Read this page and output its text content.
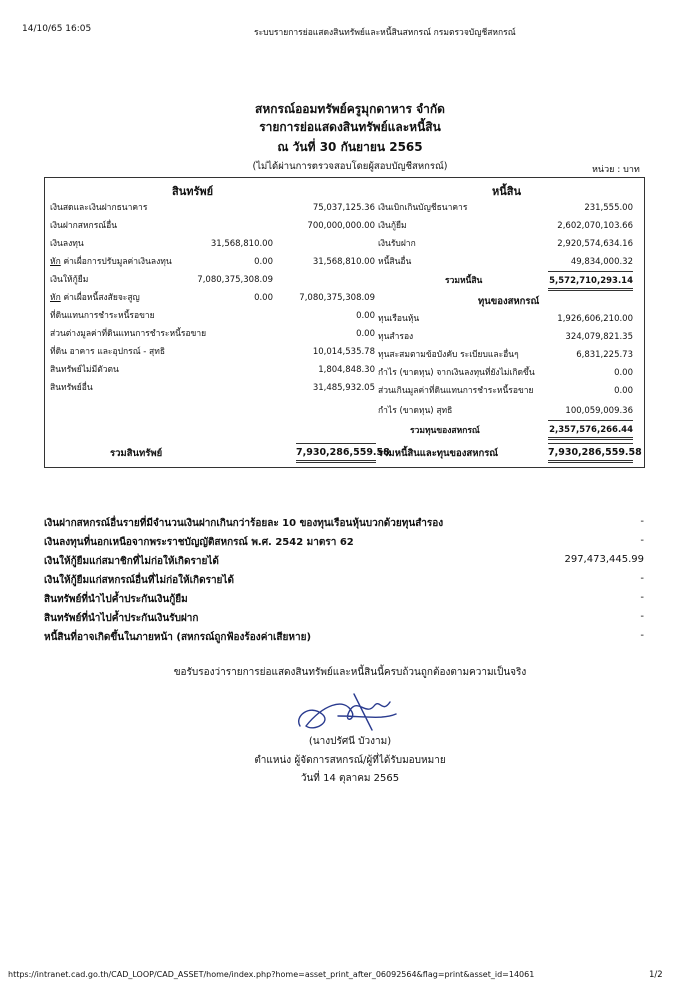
14/10/65 16:05	ระบบรายการย่อแสดงสินทรัพย์และหนี้สินสหกรณ์ กรมตรวจบัญชีสหกรณ์
สหกรณ์ออมทรัพย์ครูมุกดาหาร จำกัด
รายการย่อแสดงสินทรัพย์และหนี้สิน
ณ วันที่ 30 กันยายน 2565
(ไม่ได้ผ่านการตรวจสอบโดยผู้สอบบัญชีสหกรณ์)	หน่วย : บาท
สินทรัพย์	หนี้สิน
เงินสดและเงินฝากธนาคาร	75,037,125.36
เงินฝากสหกรณ์อื่น	700,000,000.00
เงินลงทุน	31,568,810.00
หัก ค่าเผื่อการปรับมูลค่าเงินลงทุน	0.00	31,568,810.00
เงินให้กู้ยืม	7,080,375,308.09
หัก ค่าเผื่อหนี้สงสัยจะสูญ	0.00	7,080,375,308.09
ที่ดินแทนการชำระหนี้รอขาย	0.00
ส่วนต่างมูลค่าที่ดินแทนการชำระหนี้รอขาย	0.00
ที่ดิน อาคาร และอุปกรณ์ - สุทธิ	10,014,535.78
สินทรัพย์ไม่มีตัวตน	1,804,848.30
สินทรัพย์อื่น	31,485,932.05
รวมสินทรัพย์	7,930,286,559.58
เงินเบิกเกินบัญชีธนาคาร	231,555.00
เงินกู้ยืม	2,602,070,103.66
เงินรับฝาก	2,920,574,634.16
หนี้สินอื่น	49,834,000.32
รวมหนี้สิน	5,572,710,293.14
ทุนของสหกรณ์
ทุนเรือนหุ้น	1,926,606,210.00
ทุนสำรอง	324,079,821.35
ทุนสะสมตามข้อบังคับ ระเบียบและอื่นๆ	6,831,225.73
กำไร (ขาดทุน) จากเงินลงทุนที่ยังไม่เกิดขึ้น	0.00
ส่วนเกินมูลค่าที่ดินแทนการชำระหนี้รอขาย	0.00
กำไร (ขาดทุน) สุทธิ	100,059,009.36
รวมทุนของสหกรณ์	2,357,576,266.44
รวมหนี้สินและทุนของสหกรณ์	7,930,286,559.58
เงินฝากสหกรณ์อื่นรายที่มีจำนวนเงินฝากเกินกว่าร้อยละ 10 ของทุนเรือนหุ้นบวกด้วยทุนสำรอง	-
เงินลงทุนที่นอกเหนือจากพระราชบัญญัติสหกรณ์ พ.ศ. 2542 มาตรา 62	-
เงินให้กู้ยืมแก่สมาชิกที่ไม่ก่อให้เกิดรายได้	297,473,445.99
เงินให้กู้ยืมแก่สหกรณ์อื่นที่ไม่ก่อให้เกิดรายได้	-
สินทรัพย์ที่นำไปค้ำประกันเงินกู้ยืม	-
สินทรัพย์ที่นำไปค้ำประกันเงินรับฝาก	-
หนี้สินที่อาจเกิดขึ้นในภายหน้า (สหกรณ์ถูกฟ้องร้องค่าเสียหาย)	-
ขอรับรองว่ารายการย่อแสดงสินทรัพย์และหนี้สินนี้ครบถ้วนถูกต้องตามความเป็นจริง
(นางปรัศนี บัวงาม)
ตำแหน่ง ผู้จัดการสหกรณ์/ผู้ที่ได้รับมอบหมาย
วันที่ 14 ตุลาคม 2565
https://intranet.cad.go.th/CAD_LOOP/CAD_ASSET/home/index.php?home=asset_print_after_06092564&flag=print&asset_id=14061	1/2
